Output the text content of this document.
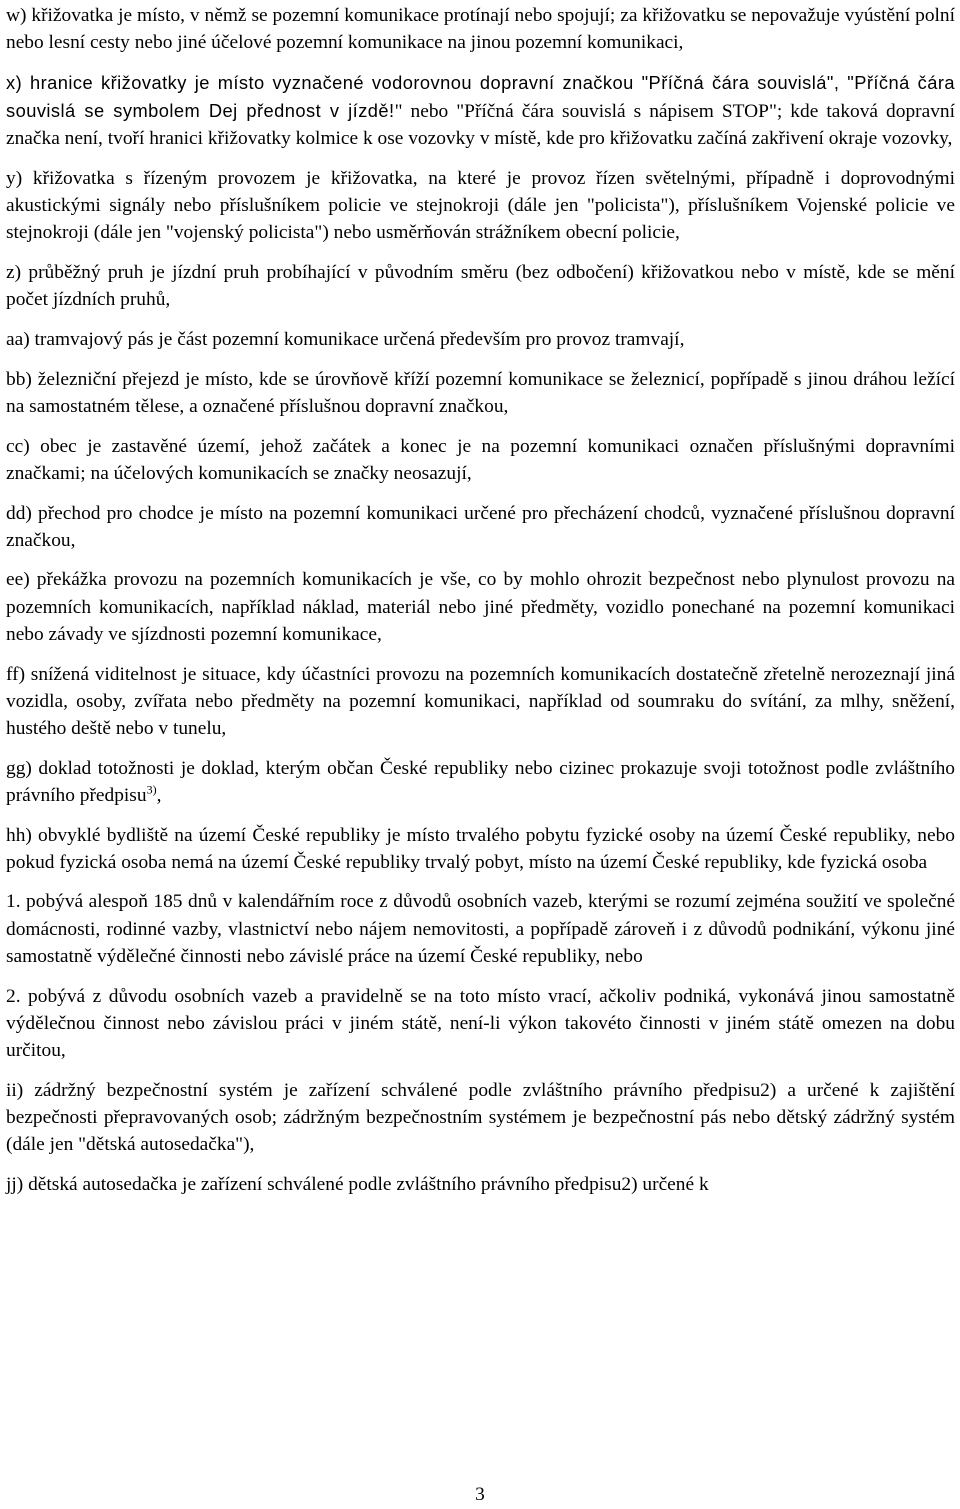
w) křižovatka je místo, v němž se pozemní komunikace protínají nebo spojují; za křižovatku se nepovažuje vyústění polní nebo lesní cesty nebo jiné účelové pozemní komunikace na jinou pozemní komunikaci,

x) hranice křižovatky je místo vyznačené vodorovnou dopravní značkou "Příčná čára souvislá", "Příčná čára souvislá se symbolem Dej přednost v jízdě!" nebo "Příčná čára souvislá s nápisem STOP"; kde taková dopravní značka není, tvoří hranici křižovatky kolmice k ose vozovky v místě, kde pro křižovatku začíná zakřivení okraje vozovky,

y) křižovatka s řízeným provozem je křižovatka, na které je provoz řízen světelnými, případně i doprovodnými akustickými signály nebo příslušníkem policie ve stejnokroji (dále jen "policista"), příslušníkem Vojenské policie ve stejnokroji (dále jen "vojenský policista") nebo usměrňován strážníkem obecní policie,

z) průběžný pruh je jízdní pruh probíhající v původním směru (bez odbočení) křižovatkou nebo v místě, kde se mění počet jízdních pruhů,

aa) tramvajový pás je část pozemní komunikace určená především pro provoz tramvají,

bb) železniční přejezd je místo, kde se úrovňově kříží pozemní komunikace se železnicí, popřípadě s jinou dráhou ležící na samostatném tělese, a označené příslušnou dopravní značkou,

cc) obec je zastavěné území, jehož začátek a konec je na pozemní komunikaci označen příslušnými dopravními značkami; na účelových komunikacích se značky neosazují,

dd) přechod pro chodce je místo na pozemní komunikaci určené pro přecházení chodců, vyznačené příslušnou dopravní značkou,

ee) překážka provozu na pozemních komunikacích je vše, co by mohlo ohrozit bezpečnost nebo plynulost provozu na pozemních komunikacích, například náklad, materiál nebo jiné předměty, vozidlo ponechané na pozemní komunikaci nebo závady ve sjízdnosti pozemní komunikace,

ff) snížená viditelnost je situace, kdy účastníci provozu na pozemních komunikacích dostatečně zřetelně nerozeznají jiná vozidla, osoby, zvířata nebo předměty na pozemní komunikaci, například od soumraku do svítání, za mlhy, sněžení, hustého deště nebo v tunelu,

gg) doklad totožnosti je doklad, kterým občan České republiky nebo cizinec prokazuje svoji totožnost podle zvláštního právního předpisu$^{3)}$,

hh) obvyklé bydliště na území České republiky je místo trvalého pobytu fyzické osoby na území České republiky, nebo pokud fyzická osoba nemá na území České republiky trvalý pobyt, místo na území České republiky, kde fyzická osoba

1. pobývá alespoň 185 dnů v kalendářním roce z důvodů osobních vazeb, kterými se rozumí zejména soužití ve společné domácnosti, rodinné vazby, vlastnictví nebo nájem nemovitosti, a popřípadě zároveň i z důvodů podnikání, výkonu jiné samostatně výdělečné činnosti nebo závislé práce na území České republiky, nebo

2. pobývá z důvodu osobních vazeb a pravidelně se na toto místo vrací, ačkoliv podniká, vykonává jinou samostatně výdělečnou činnost nebo závislou práci v jiném státě, není-li výkon takovéto činnosti v jiném státě omezen na dobu určitou,

ii) zádržný bezpečnostní systém je zařízení schválené podle zvláštního právního předpisu2) a určené k zajištění bezpečnosti přepravovaných osob; zádržným bezpečnostním systémem je bezpečnostní pás nebo dětský zádržný systém (dále jen "dětská autosedačka"),

jj) dětská autosedačka je zařízení schválené podle zvláštního právního předpisu2) určené k

3
